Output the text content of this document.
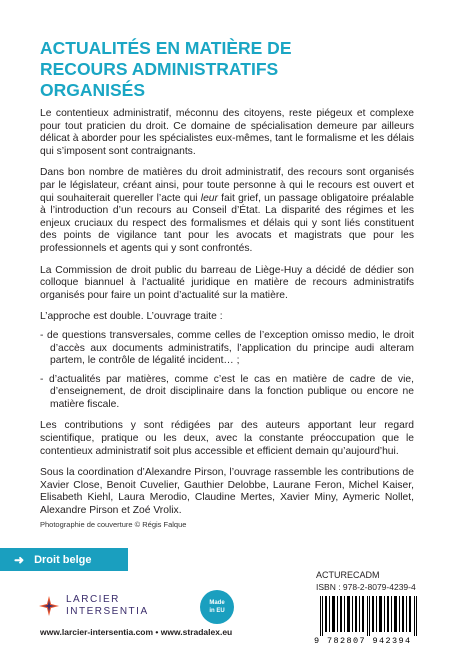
ACTUALITÉS EN MATIÈRE DE
RECOURS ADMINISTRATIFS
ORGANISÉS

Le contentieux administratif, méconnu des citoyens, reste piégeux et complexe pour tout praticien du droit. Ce domaine de spécialisation demeure par ailleurs délicat à aborder pour les spécialistes eux-mêmes, tant le formalisme et les délais qui s’imposent sont contraignants.

Dans bon nombre de matières du droit administratif, des recours sont organisés par le législateur, créant ainsi, pour toute personne à qui le recours est ouvert et qui souhaiterait quereller l’acte qui leur fait grief, un passage obligatoire préalable à l’introduction d’un recours au Conseil d’État. La disparité des régimes et les enjeux cruciaux du respect des formalismes et délais qui y sont liés constituent des points de vigilance tant pour les avocats et magistrats que pour les professionnels et agents qui y sont confrontés.

La Commission de droit public du barreau de Liège-Huy a décidé de dédier son colloque biannuel à l’actualité juridique en matière de recours administratifs organisés pour faire un point d’actualité sur la matière.

L’approche est double. L’ouvrage traite :

- de questions transversales, comme celles de l’exception omisso medio, le droit d’accès aux documents administratifs, l’application du principe audi alteram partem, le contrôle de légalité incident… ;
- d’actualités par matières, comme c’est le cas en matière de cadre de vie, d’enseignement, de droit disciplinaire dans la fonction publique ou encore ne matière fiscale.

Les contributions y sont rédigées par des auteurs apportant leur regard scientifique, pratique ou les deux, avec la constante préoccupation que le contentieux administratif soit plus accessible et efficient demain qu’aujourd’hui.

Sous la coordination d’Alexandre Pirson, l’ouvrage rassemble les contributions de Xavier Close, Benoit Cuvelier, Gauthier Delobbe, Laurane Feron, Michel Kaiser, Elisabeth Kiehl, Laura Merodio, Claudine Mertes, Xavier Miny, Aymeric Nollet, Alexandre Pirson et Zoé Vrolix.

Photographie de couverture © Régis Falque
➜ Droit belge
LARCIER
INTERSENTIA
Made
in EU
ACTURECADM
ISBN : 978-2-8079-4239-4
9 782807 942394
www.larcier-intersentia.com • www.stradalex.eu
